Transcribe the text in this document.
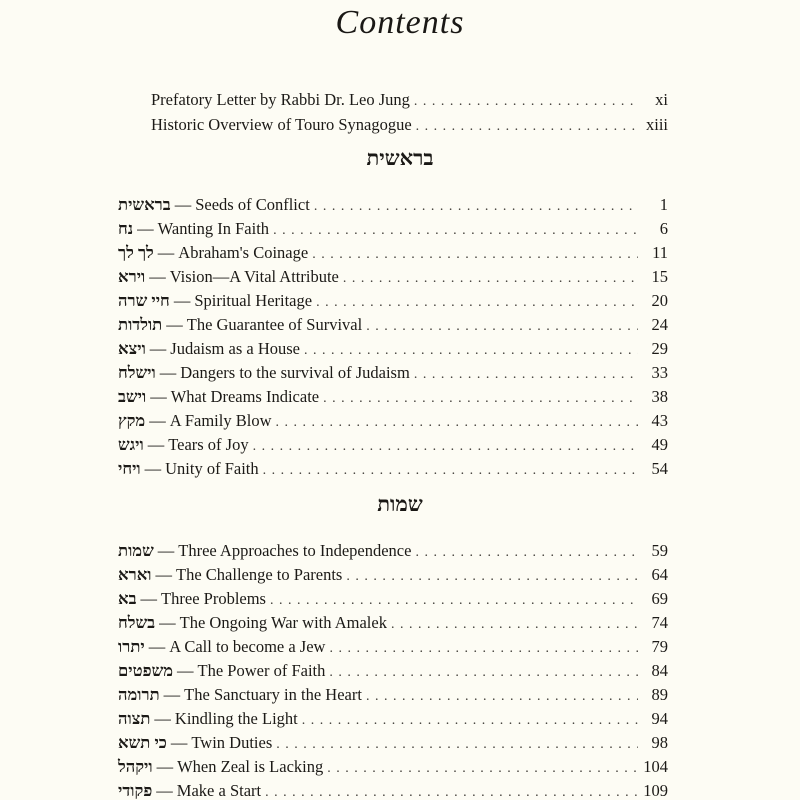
Contents
Prefatory Letter by Rabbi Dr. Leo Jung . . .	xi
Historic Overview of Touro Synagogue . . .	xiii
בראשית
בראשית — Seeds of Conflict . . .	1
נח — Wanting In Faith . . .	6
לך לך — Abraham's Coinage . . .	11
וירא — Vision—A Vital Attribute . . .	15
חיי שרה — Spiritual Heritage . . .	20
תולדות — The Guarantee of Survival . . .	24
ויצא — Judaism as a House . . .	29
וישלח — Dangers to the survival of Judaism . . .	33
וישב — What Dreams Indicate . . .	38
מקץ — A Family Blow . . .	43
ויגש — Tears of Joy . . .	49
ויחי — Unity of Faith . . .	54
שמות
שמות — Three Approaches to Independence . . .	59
וארא — The Challenge to Parents . . .	64
בא — Three Problems . . .	69
בשלח — The Ongoing War with Amalek . . .	74
יתרו — A Call to become a Jew . . .	79
משפטים — The Power of Faith . . .	84
תרומה — The Sanctuary in the Heart . . .	89
תצוה — Kindling the Light . . .	94
כי תשא — Twin Duties . . .	98
ויקהל — When Zeal is Lacking . . .	104
פקודי — Make a Start . . .	109
